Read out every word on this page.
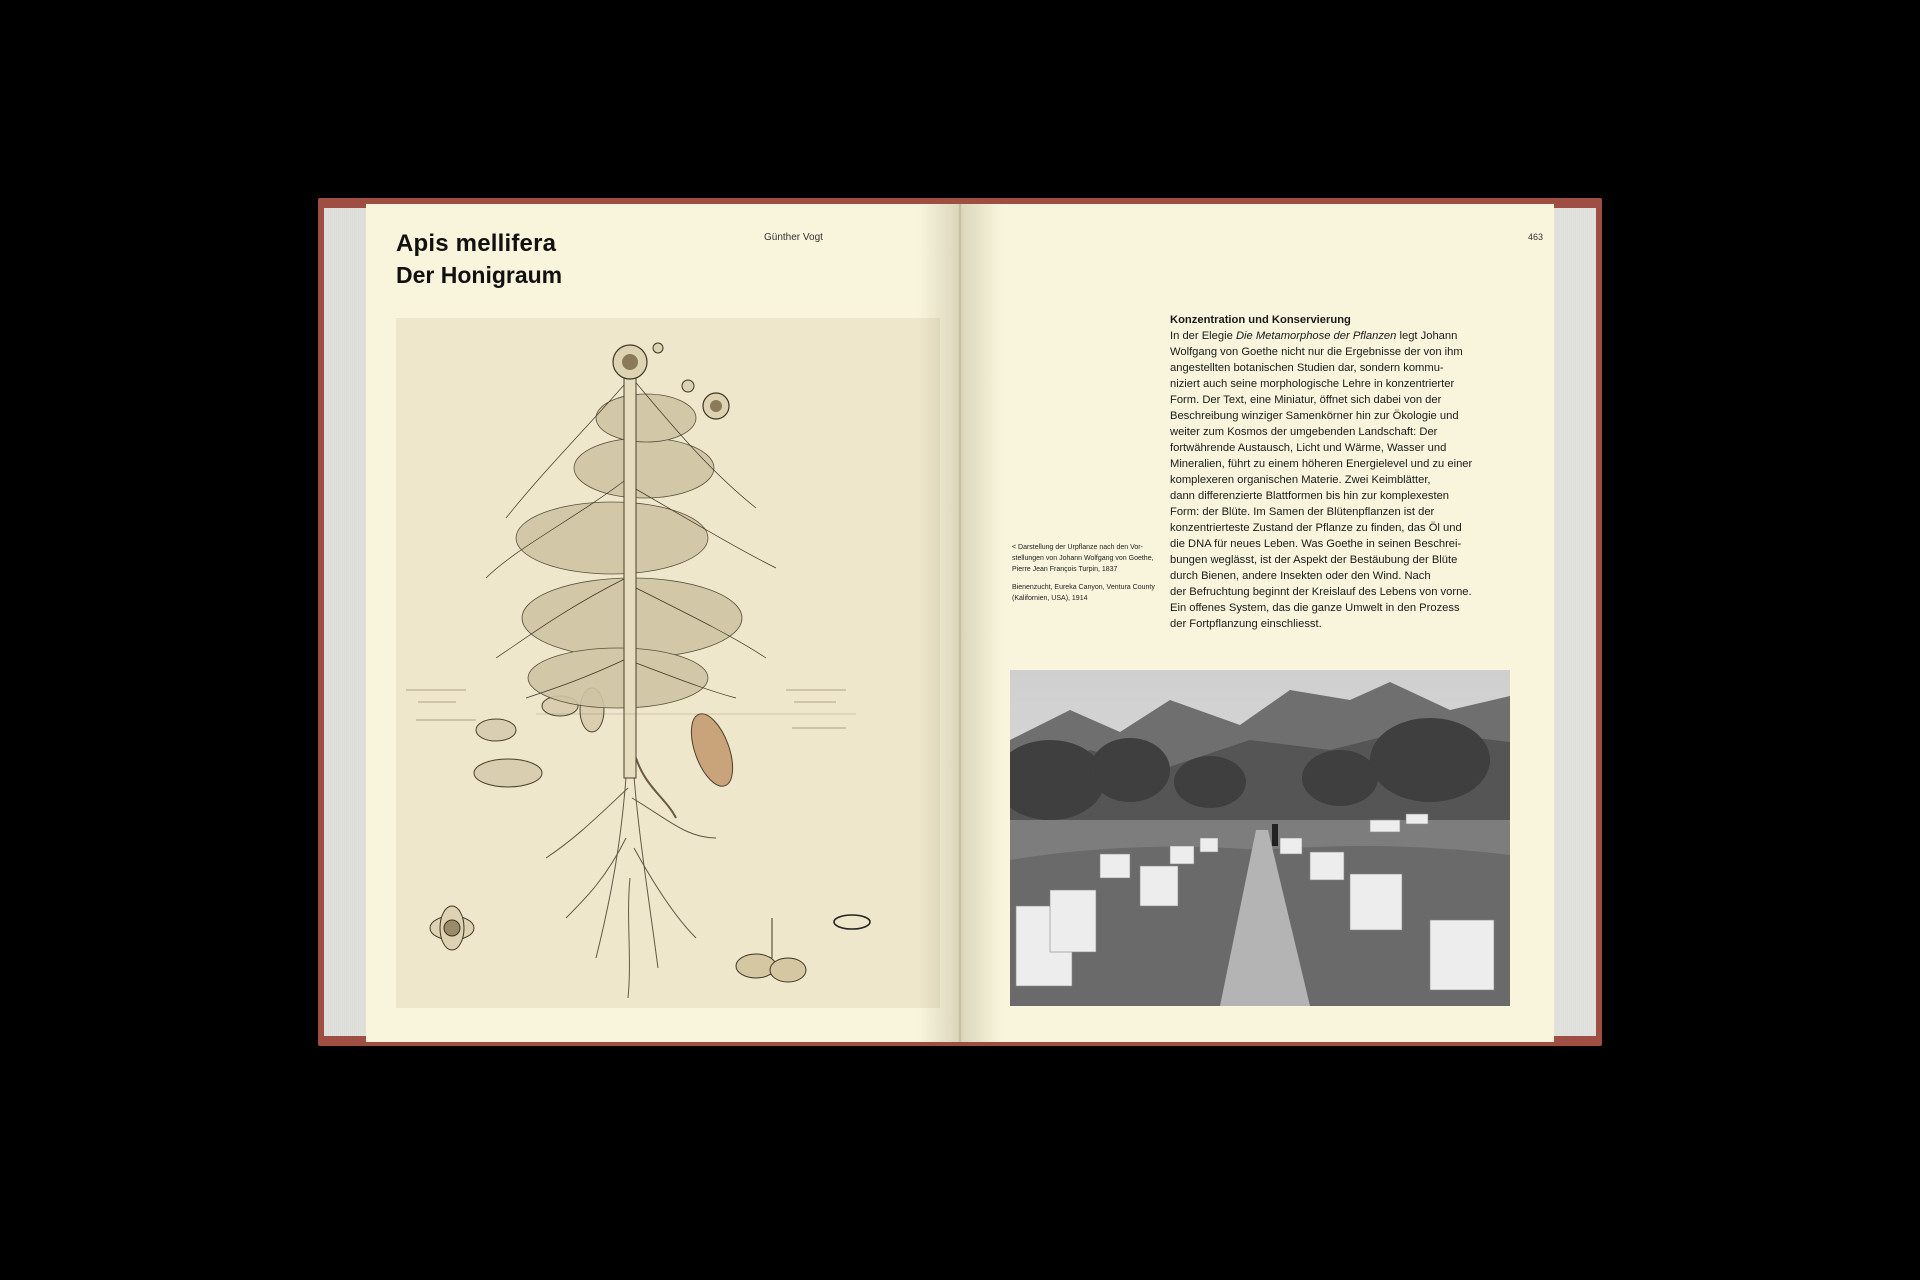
Apis mellifera
Der Honigraum
Günther Vogt	463
Konzentration und Konservierung
In der Elegie Die Metamorphose der Pflanzen legt Johann
Wolfgang von Goethe nicht nur die Ergebnisse der von ihm
angestellten botanischen Studien dar, sondern kommu-
niziert auch seine morphologische Lehre in konzentrierter
Form. Der Text, eine Miniatur, öffnet sich dabei von der
Beschreibung winziger Samenkörner hin zur Ökologie und
weiter zum Kosmos der umgebenden Landschaft: Der
fortwährende Austausch, Licht und Wärme, Wasser und
Mineralien, führt zu einem höheren Energielevel und zu einer
komplexeren organischen Materie. Zwei Keimblätter,
dann differenzierte Blattformen bis hin zur komplexesten
Form: der Blüte. Im Samen der Blütenpflanzen ist der
konzentrierteste Zustand der Pflanze zu finden, das Öl und
die DNA für neues Leben. Was Goethe in seinen Beschrei-
bungen weglässt, ist der Aspekt der Bestäubung der Blüte
durch Bienen, andere Insekten oder den Wind. Nach
der Befruchtung beginnt der Kreislauf des Lebens von vorne.
Ein offenes System, das die ganze Umwelt in den Prozess
der Fortpflanzung einschliesst.
< Darstellung der Urpflanze nach den Vor-
stellungen von Johann Wolfgang von Goethe,
Pierre Jean François Turpin, 1837
Bienenzucht, Eureka Canyon, Ventura County
(Kalifornien, USA), 1914
